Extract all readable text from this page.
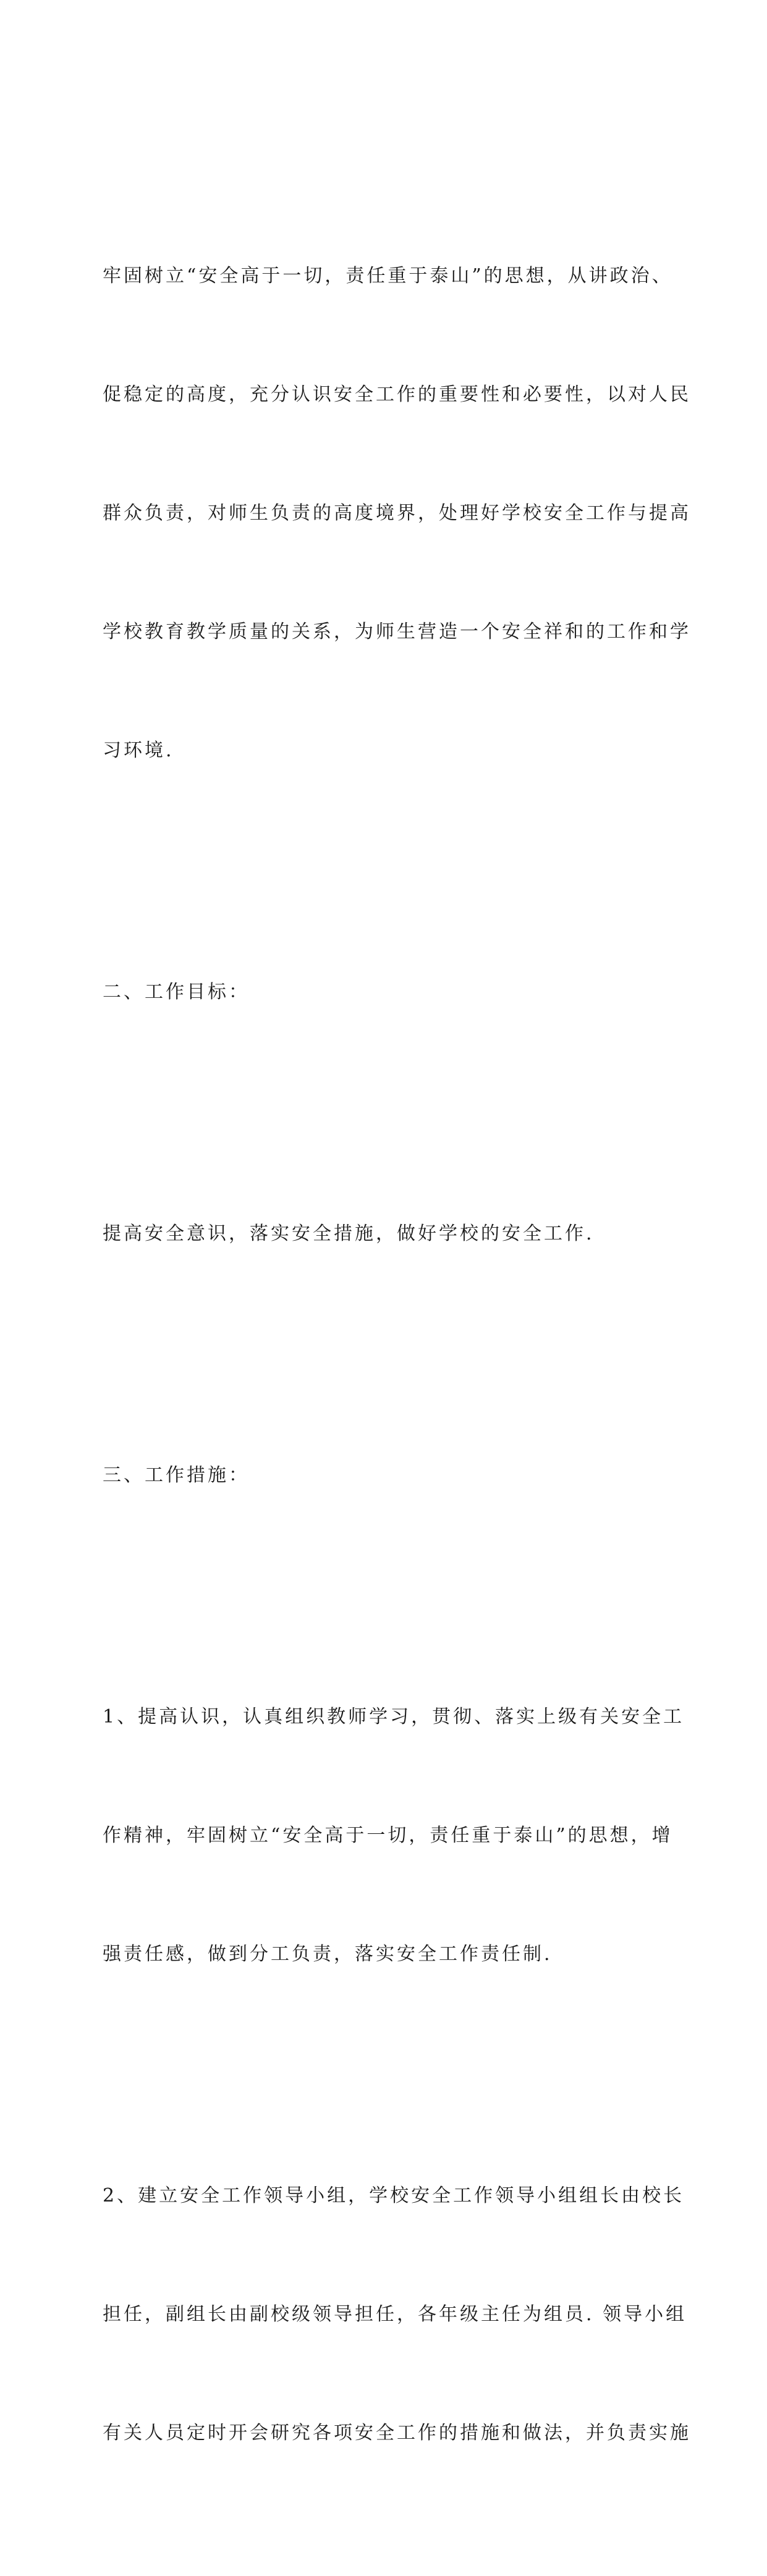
牢固树立“安全高于一切，责任重于泰山”的思想，从讲政治、

促稳定的高度，充分认识安全工作的重要性和必要性，以对人民

群众负责，对师生负责的高度境界，处理好学校安全工作与提高

学校教育教学质量的关系，为师生营造一个安全祥和的工作和学

习环境.

二、工作目标：

提高安全意识，落实安全措施，做好学校的安全工作.

三、工作措施：

1、提高认识，认真组织教师学习，贯彻、落实上级有关安全工

作精神，牢固树立“安全高于一切，责任重于泰山”的思想，增

强责任感，做到分工负责，落实安全工作责任制.

2、建立安全工作领导小组，学校安全工作领导小组组长由校长

担任，副组长由副校级领导担任，各年级主任为组员. 领导小组

有关人员定时开会研究各项安全工作的措施和做法，并负责实施
